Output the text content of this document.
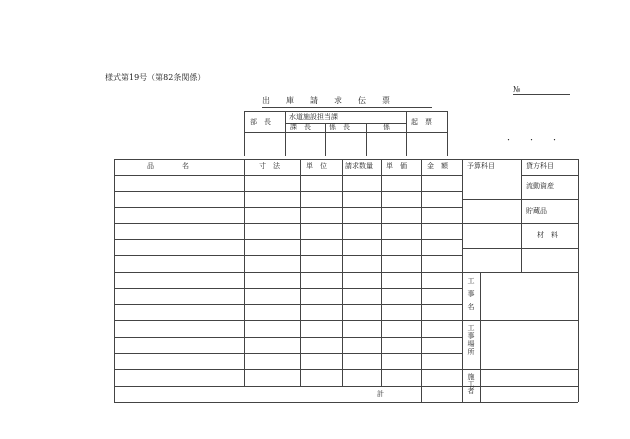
様式第19号（第82条関係）
№
出　　庫　　請　　求　　伝　　票
・ ・ ・
部　長
水道施設担当課
課　長	係　長	係
起　票
品　　　　名	寸　法	単　位	請求数量 単　価	金　額	予算科目	貸方科目
流動資産
貯蔵品
材　料
工事名
工事場所
施工者
計
